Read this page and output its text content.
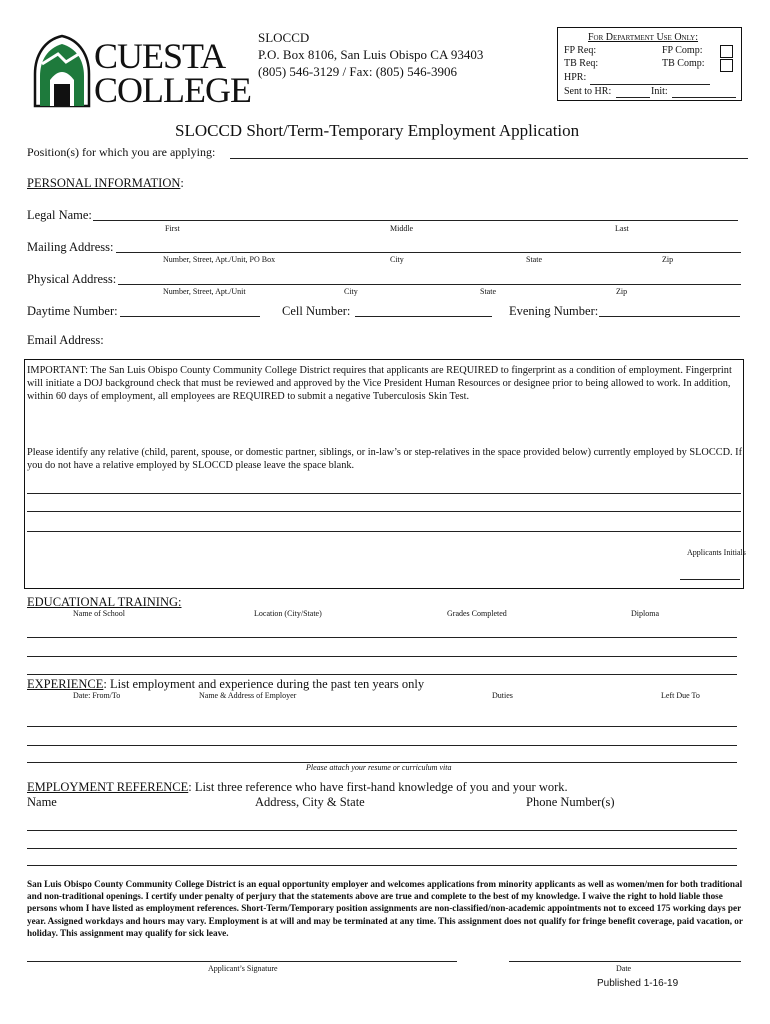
CUESTA
COLLEGE
SLOCCD
P.O. Box 8106, San Luis Obispo CA 93403
(805) 546-3129 / Fax: (805) 546-3906
For Department Use Only:
FP Req:	FP Comp:
TB Req:	TB Comp:
HPR:
Sent to HR:	Init:
SLOCCD Short/Term-Temporary Employment Application
Position(s) for which you are applying:
PERSONAL INFORMATION:
Legal Name:
First	Middle	Last
Mailing Address:
Number, Street, Apt./Unit, PO Box	City	State	Zip
Physical Address:
Number, Street, Apt./Unit	City	State	Zip
Daytime Number:	Cell Number:	Evening Number:
Email Address:
IMPORTANT: The San Luis Obispo County Community College District requires that applicants are REQUIRED to fingerprint as a condition of employment. Fingerprint will initiate a DOJ background check that must be reviewed and approved by the Vice President Human Resources or designee prior to being allowed to work. In addition, within 60 days of employment, all employees are REQUIRED to submit a negative Tuberculosis Skin Test.
Please identify any relative (child, parent, spouse, or domestic partner, siblings, or in-law’s or step-relatives in the space provided below) currently employed by SLOCCD. If you do not have a relative employed by SLOCCD please leave the space blank.
Applicants Initials
EDUCATIONAL TRAINING:
Name of School	Location (City/State)	Grades Completed	Diploma
EXPERIENCE: List employment and experience during the past ten years only
Date: From/To	Name & Address of Employer	Duties	Left Due To
Please attach your resume or curriculum vita
EMPLOYMENT REFERENCE: List three reference who have first-hand knowledge of you and your work.
Name	Address, City & State	Phone Number(s)
San Luis Obispo County Community College District is an equal opportunity employer and welcomes applications from minority applicants as well as women/men for both traditional and non-traditional openings. I certify under penalty of perjury that the statements above are true and complete to the best of my knowledge. I waive the right to hold liable those persons whom I have listed as employment references. Short-Term/Temporary position assignments are non-classified/non-academic appointments not to exceed 175 working days per year. Assigned workdays and hours may vary. Employment is at will and may be terminated at any time. This assignment does not qualify for fringe benefit coverage, paid vacation, or holiday. This assignment may qualify for sick leave.
Applicant’s Signature	Date
Published 1-16-19
